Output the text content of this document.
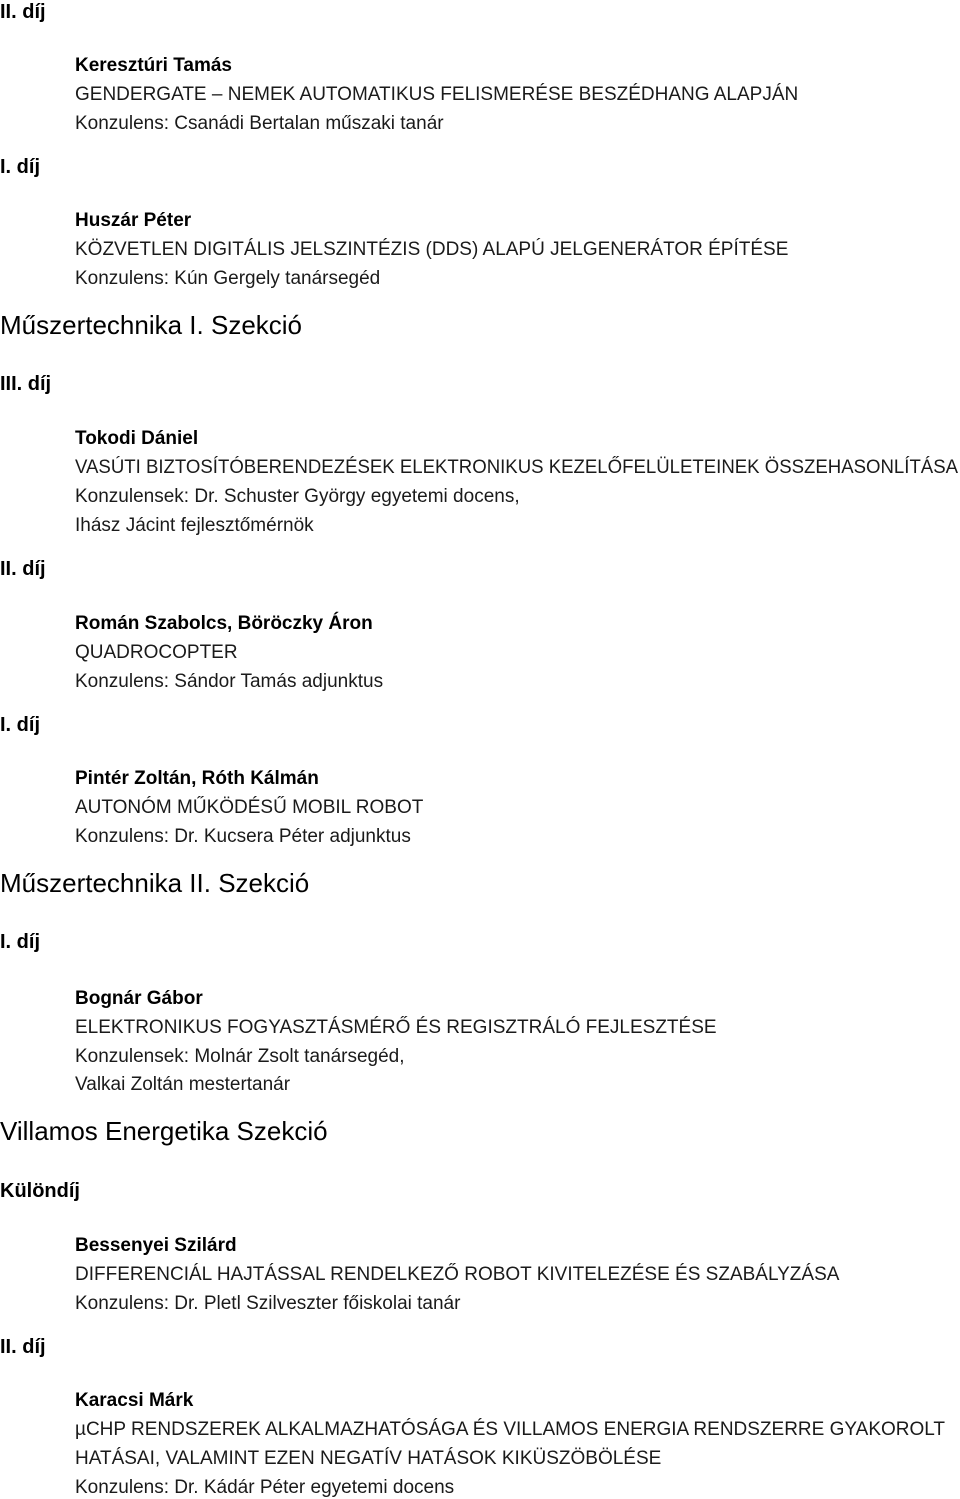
II. díj
Keresztúri Tamás
GENDERGATE – NEMEK AUTOMATIKUS FELISMERÉSE BESZÉDHANG ALAPJÁN
Konzulens: Csanádi Bertalan műszaki tanár
I. díj
Huszár Péter
KÖZVETLEN DIGITÁLIS JELSZINTÉZIS (DDS) ALAPÚ JELGENERÁTOR ÉPÍTÉSE
Konzulens: Kún Gergely tanársegéd
Műszertechnika I. Szekció
III. díj
Tokodi Dániel
VASÚTI BIZTOSÍTÓBERENDEZÉSEK ELEKTRONIKUS KEZELŐFELÜLETEINEK ÖSSZEHASONLÍTÁSA
Konzulensek: Dr. Schuster György egyetemi docens,
Ihász Jácint fejlesztőmérnök
II. díj
Román Szabolcs, Böröczky Áron
QUADROCOPTER
Konzulens: Sándor Tamás adjunktus
I. díj
Pintér Zoltán, Róth Kálmán
AUTONÓM MŰKÖDÉSŰ MOBIL ROBOT
Konzulens: Dr. Kucsera Péter adjunktus
Műszertechnika II. Szekció
I. díj
Bognár Gábor
ELEKTRONIKUS FOGYASZTÁSMÉRŐ ÉS REGISZTRÁLÓ FEJLESZTÉSE
Konzulensek: Molnár Zsolt tanársegéd,
Valkai Zoltán mestertanár
Villamos Energetika Szekció
Különdíj
Bessenyei Szilárd
DIFFERENCIÁL HAJTÁSSAL RENDELKEZŐ ROBOT KIVITELEZÉSE ÉS SZABÁLYZÁSA
Konzulens: Dr. Pletl Szilveszter főiskolai tanár
II. díj
Karacsi Márk
µCHP RENDSZEREK ALKALMAZHATÓSÁGA ÉS VILLAMOS ENERGIA RENDSZERRE GYAKOROLT
HATÁSAI, VALAMINT EZEN NEGATÍV HATÁSOK KIKÜSZÖBÖLÉSE
Konzulens: Dr. Kádár Péter egyetemi docens
